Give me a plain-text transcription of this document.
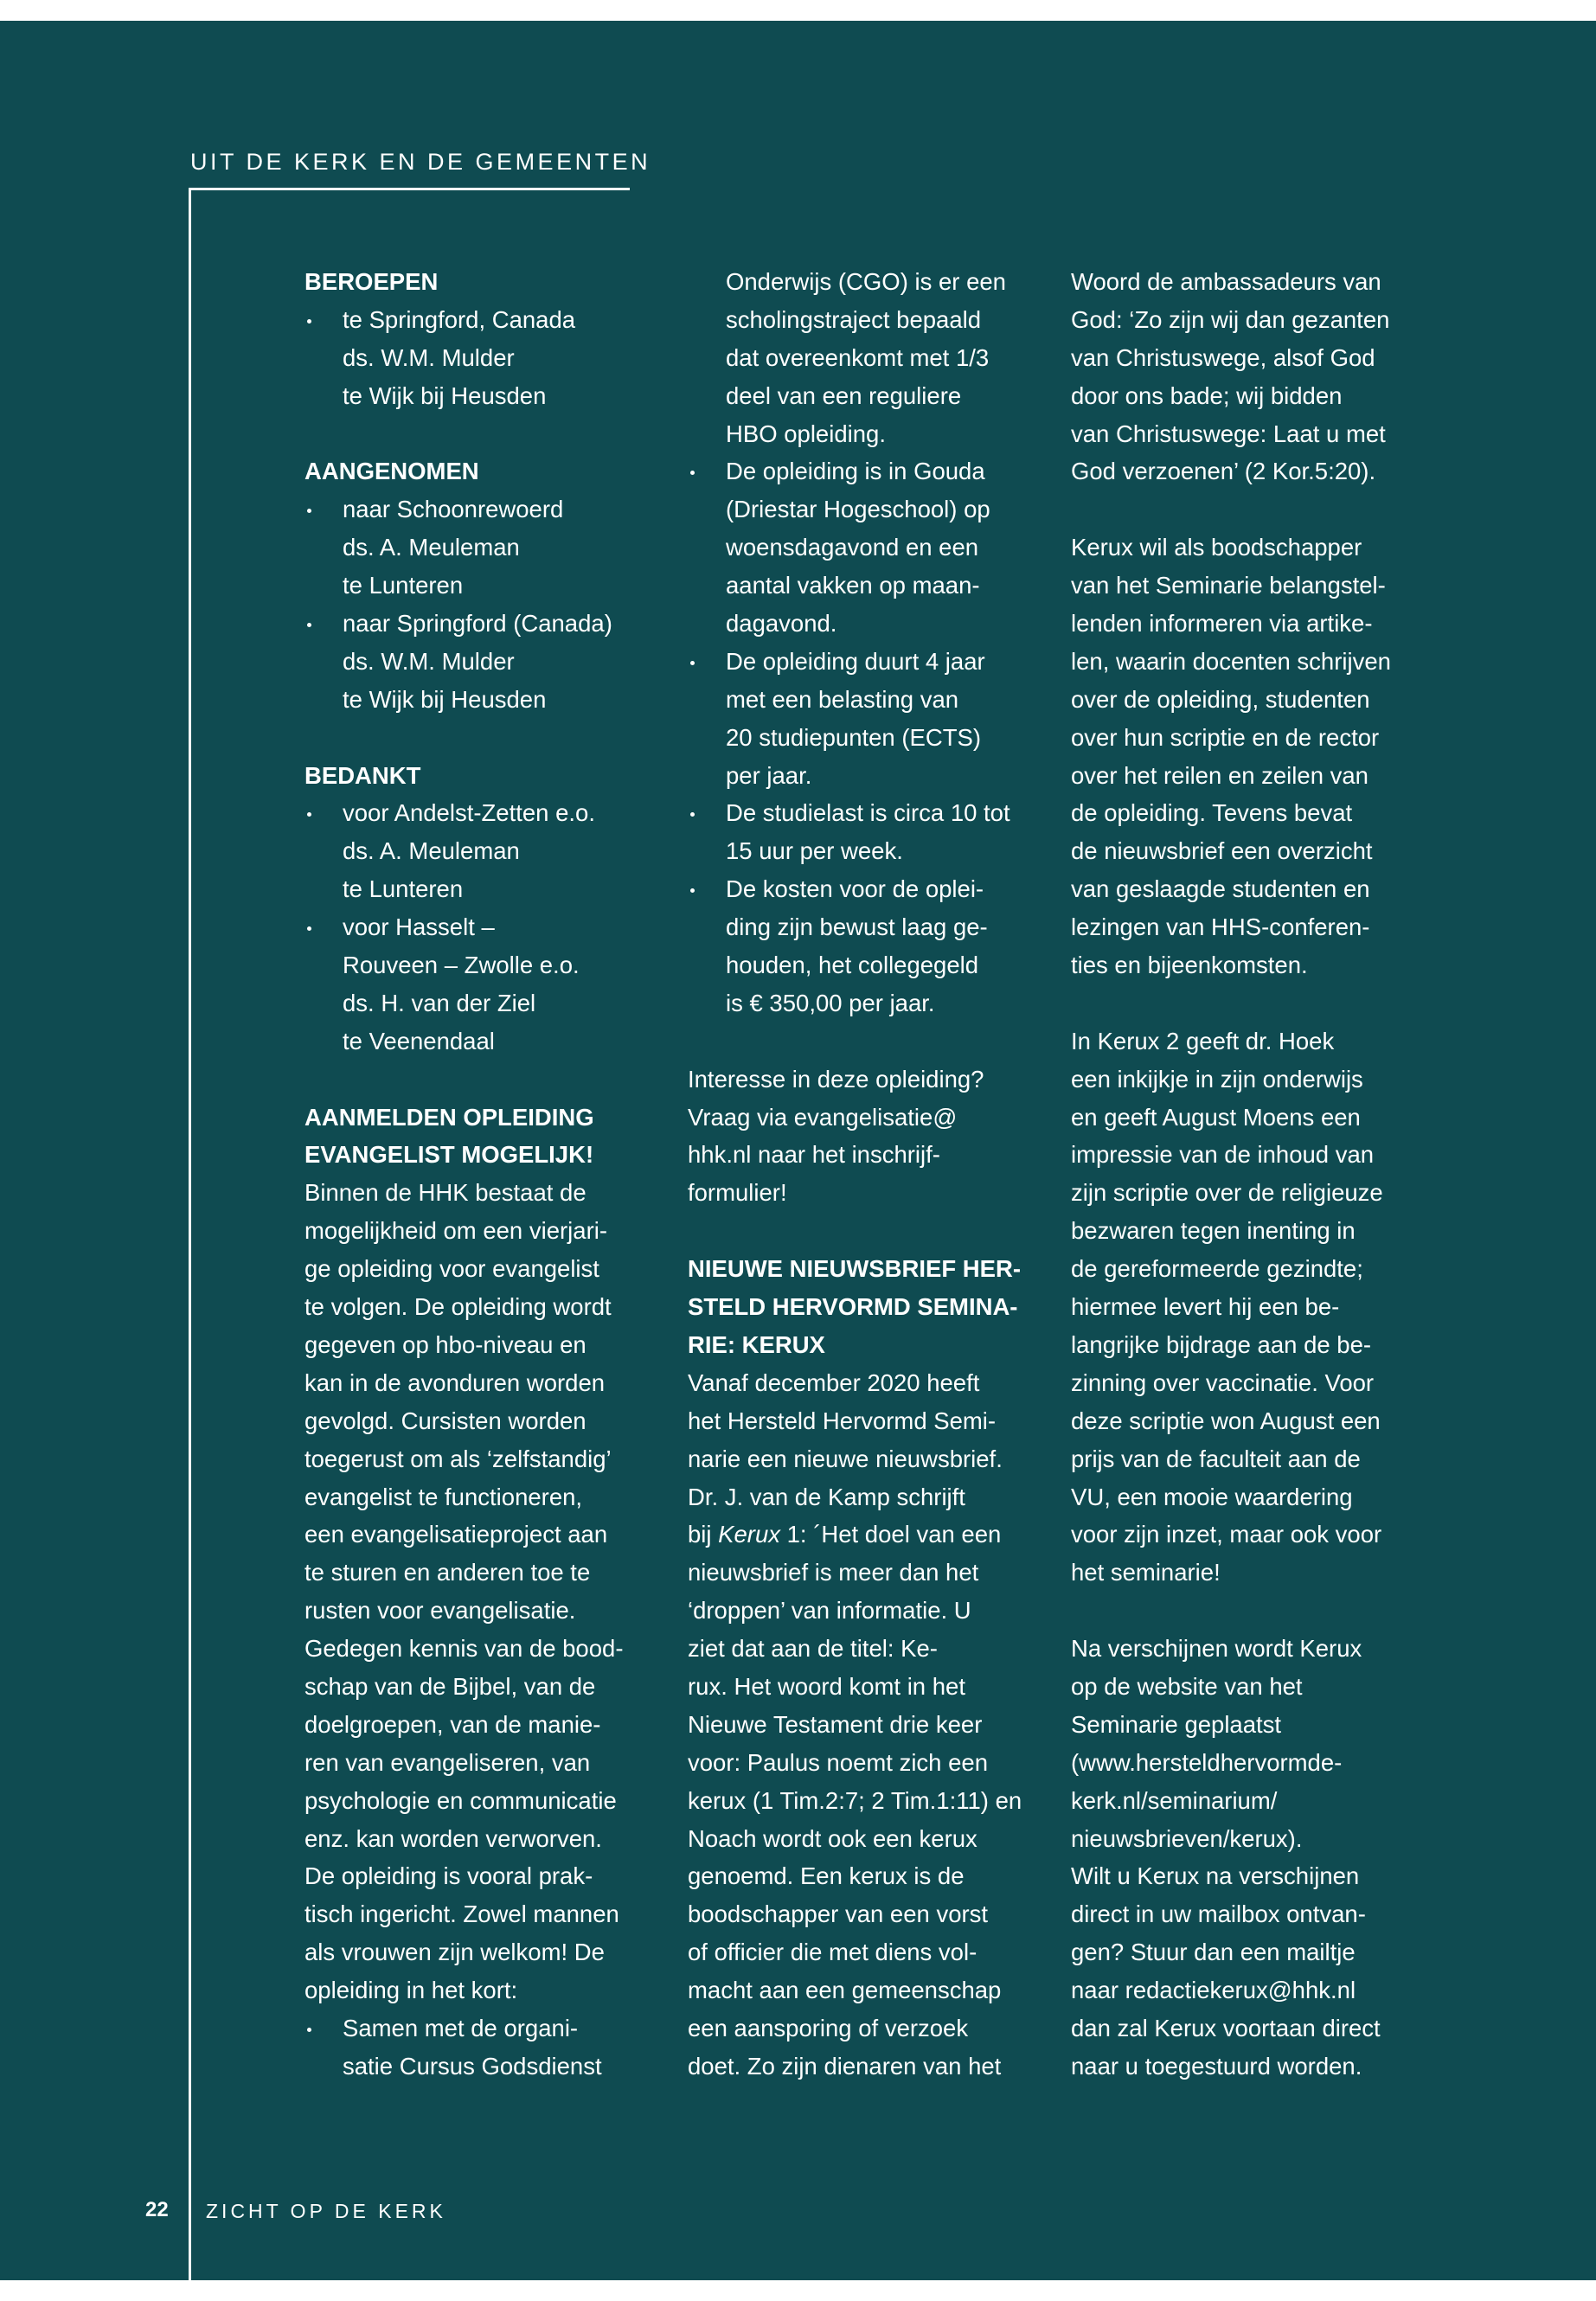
UIT DE KERK EN DE GEMEENTEN
BEROEPEN
te Springford, Canada
ds. W.M. Mulder
te Wijk bij Heusden
AANGENOMEN
naar Schoonrewoerd
ds. A. Meuleman
te Lunteren
naar Springford (Canada)
ds. W.M. Mulder
te Wijk bij Heusden
BEDANKT
voor Andelst-Zetten e.o.
ds. A. Meuleman
te Lunteren
voor Hasselt –
Rouveen – Zwolle e.o.
ds. H. van der Ziel
te Veenendaal
AANMELDEN OPLEIDING
EVANGELIST MOGELIJK!
Binnen de HHK bestaat de
mogelijkheid om een vierjari-
ge opleiding voor evangelist
te volgen. De opleiding wordt
gegeven op hbo-niveau en
kan in de avonduren worden
gevolgd. Cursisten worden
toegerust om als ‘zelfstandig’
evangelist te functioneren,
een evangelisatieproject aan
te sturen en anderen toe te
rusten voor evangelisatie.
Gedegen kennis van de bood-
schap van de Bijbel, van de
doelgroepen, van de manie-
ren van evangeliseren, van
psychologie en communicatie
enz. kan worden verworven.
De opleiding is vooral prak-
tisch ingericht. Zowel mannen
als vrouwen zijn welkom! De
opleiding in het kort:
Samen met de organi-
satie Cursus Godsdienst
Onderwijs (CGO) is er een
scholingstraject bepaald
dat overeenkomt met 1/3
deel van een reguliere
HBO opleiding.
De opleiding is in Gouda
(Driestar Hogeschool) op
woensdagavond en een
aantal vakken op maan-
dagavond.
De opleiding duurt 4 jaar
met een belasting van
20 studiepunten (ECTS)
per jaar.
De studielast is circa 10 tot
15 uur per week.
De kosten voor de oplei-
ding zijn bewust laag ge-
houden, het collegegeld
is € 350,00 per jaar.
Interesse in deze opleiding?
Vraag via evangelisatie@
hhk.nl naar het inschrijf-
formulier!
NIEUWE NIEUWSBRIEF HER-
STELD HERVORMD SEMINA-
RIE: KERUX
Vanaf december 2020 heeft
het Hersteld Hervormd Semi-
narie een nieuwe nieuwsbrief.
Dr. J. van de Kamp schrijft
bij Kerux 1: ´Het doel van een
nieuwsbrief is meer dan het
‘droppen’ van informatie. U
ziet dat aan de titel: Ke-
rux. Het woord komt in het
Nieuwe Testament drie keer
voor: Paulus noemt zich een
kerux (1 Tim.2:7; 2 Tim.1:11) en
Noach wordt ook een kerux
genoemd. Een kerux is de
boodschapper van een vorst
of officier die met diens vol-
macht aan een gemeenschap
een aansporing of verzoek
doet. Zo zijn dienaren van het
Woord de ambassadeurs van
God: ‘Zo zijn wij dan gezanten
van Christuswege, alsof God
door ons bade; wij bidden
van Christuswege: Laat u met
God verzoenen’ (2 Kor.5:20).
Kerux wil als boodschapper
van het Seminarie belangstel-
lenden informeren via artike-
len, waarin docenten schrijven
over de opleiding, studenten
over hun scriptie en de rector
over het reilen en zeilen van
de opleiding. Tevens bevat
de nieuwsbrief een overzicht
van geslaagde studenten en
lezingen van HHS-conferen-
ties en bijeenkomsten.
In Kerux 2 geeft dr. Hoek
een inkijkje in zijn onderwijs
en geeft August Moens een
impressie van de inhoud van
zijn scriptie over de religieuze
bezwaren tegen inenting in
de gereformeerde gezindte;
hiermee levert hij een be-
langrijke bijdrage aan de be-
zinning over vaccinatie. Voor
deze scriptie won August een
prijs van de faculteit aan de
VU, een mooie waardering
voor zijn inzet, maar ook voor
het seminarie!
Na verschijnen wordt Kerux
op de website van het
Seminarie geplaatst
(www.hersteldhervormde-
kerk.nl/seminarium/
nieuwsbrieven/kerux).
Wilt u Kerux na verschijnen
direct in uw mailbox ontvan-
gen? Stuur dan een mailtje
naar redactiekerux@hhk.nl
dan zal Kerux voortaan direct
naar u toegestuurd worden.
22 ZICHT OP DE KERK
